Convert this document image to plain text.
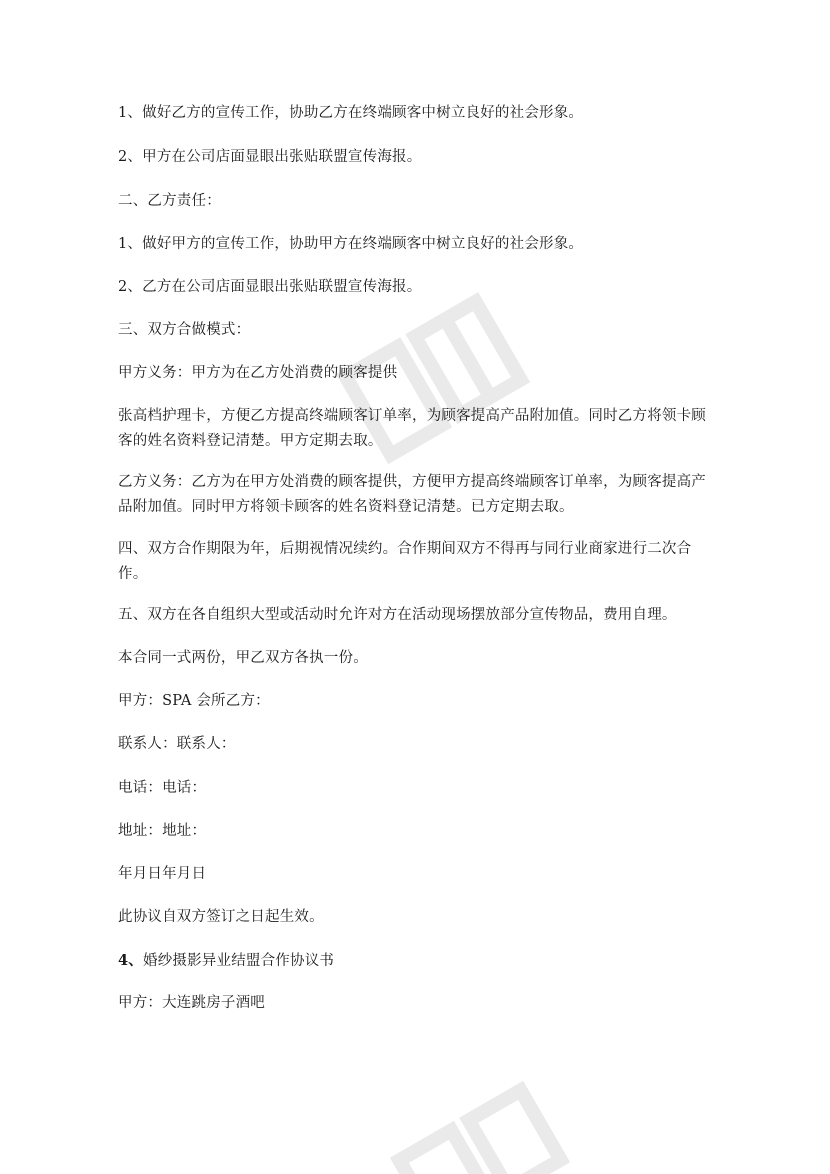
1、做好乙方的宣传工作，协助乙方在终端顾客中树立良好的社会形象。

2、甲方在公司店面显眼出张贴联盟宣传海报。

二、乙方责任：

1、做好甲方的宣传工作，协助甲方在终端顾客中树立良好的社会形象。

2、乙方在公司店面显眼出张贴联盟宣传海报。

三、双方合做模式：

甲方义务：甲方为在乙方处消费的顾客提供

张高档护理卡，方便乙方提高终端顾客订单率，为顾客提高产品附加值。同时乙方将领卡顾客的姓名资料登记清楚。甲方定期去取。

乙方义务：乙方为在甲方处消费的顾客提供，方便甲方提高终端顾客订单率，为顾客提高产品附加值。同时甲方将领卡顾客的姓名资料登记清楚。已方定期去取。

四、双方合作期限为年，后期视情况续约。合作期间双方不得再与同行业商家进行二次合作。

五、双方在各自组织大型或活动时允许对方在活动现场摆放部分宣传物品，费用自理。

本合同一式两份，甲乙双方各执一份。

甲方：SPA 会所乙方：

联系人：联系人：

电话：电话：

地址：地址：

年月日年月日

此协议自双方签订之日起生效。

4、婚纱摄影异业结盟合作协议书

甲方：大连跳房子酒吧
